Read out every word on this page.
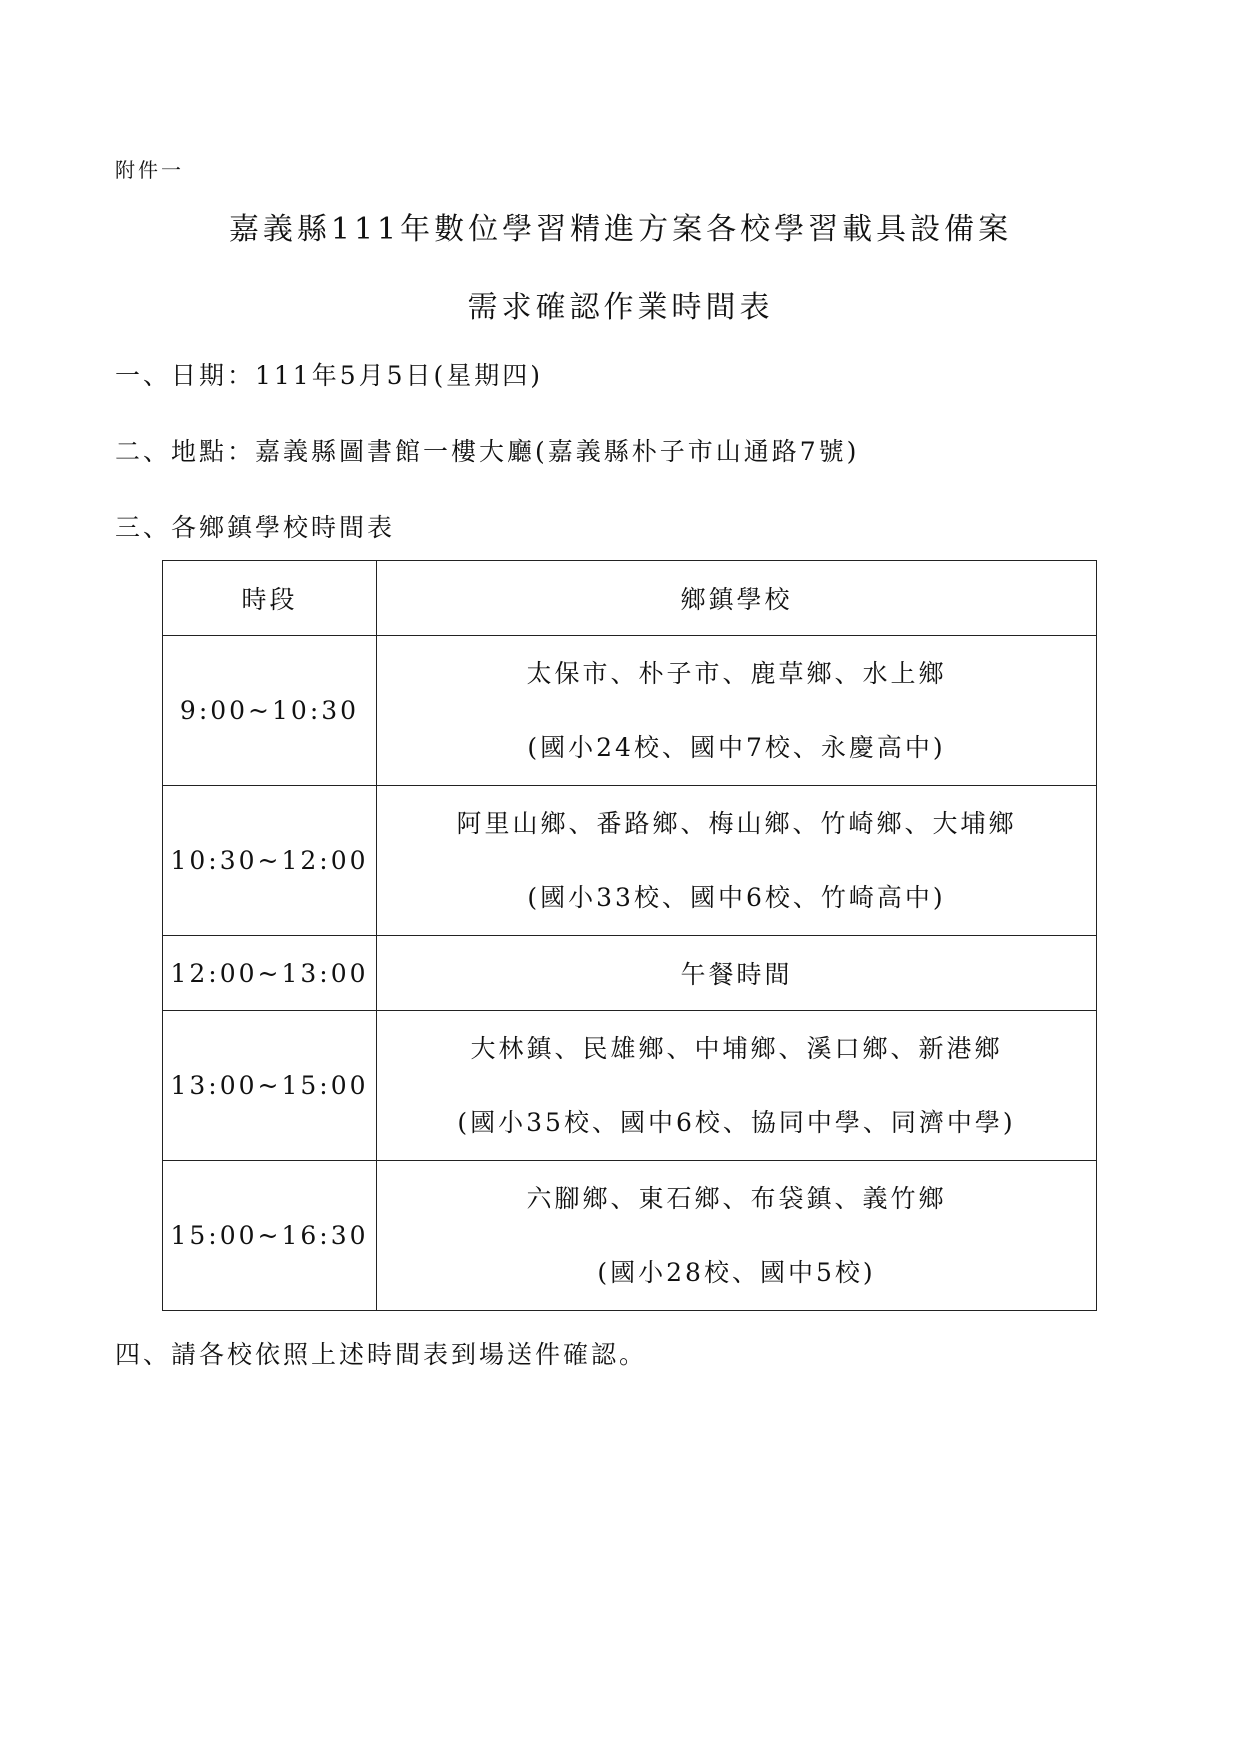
附件一
嘉義縣111年數位學習精進方案各校學習載具設備案
需求確認作業時間表
一、日期：111年5月5日(星期四)
二、地點：嘉義縣圖書館一樓大廳(嘉義縣朴子市山通路7號)
三、各鄉鎮學校時間表
時段	鄉鎮學校
9:00~10:30	太保市、朴子市、鹿草鄉、水上鄉
(國小24校、國中7校、永慶高中)

10:30~12:00	阿里山鄉、番路鄉、梅山鄉、竹崎鄉、大埔鄉
(國小33校、國中6校、竹崎高中)

12:00~13:00	午餐時間
13:00~15:00	大林鎮、民雄鄉、中埔鄉、溪口鄉、新港鄉
(國小35校、國中6校、協同中學、同濟中學)

15:00~16:30	六腳鄉、東石鄉、布袋鎮、義竹鄉
(國小28校、國中5校)
四、請各校依照上述時間表到場送件確認。
